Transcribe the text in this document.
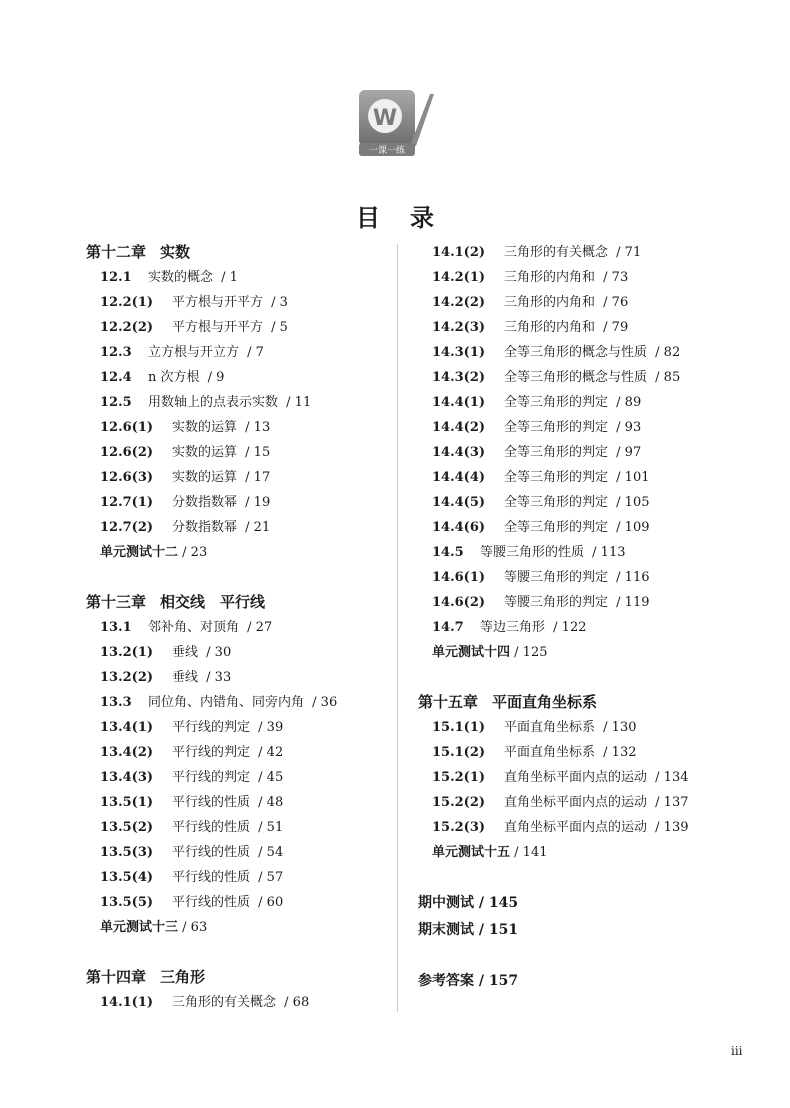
W
一课一练
目录
第十二章 实数
12.1 实数的概念 / 1
12.2(1) 平方根与开平方 / 3
12.2(2) 平方根与开平方 / 5
12.3 立方根与开立方 / 7
12.4 n 次方根 / 9
12.5 用数轴上的点表示实数 / 11
12.6(1) 实数的运算 / 13
12.6(2) 实数的运算 / 15
12.6(3) 实数的运算 / 17
12.7(1) 分数指数幂 / 19
12.7(2) 分数指数幂 / 21
单元测试十二 / 23
第十三章 相交线　平行线
13.1 邻补角、对顶角 / 27
13.2(1) 垂线 / 30
13.2(2) 垂线 / 33
13.3 同位角、内错角、同旁内角 / 36
13.4(1) 平行线的判定 / 39
13.4(2) 平行线的判定 / 42
13.4(3) 平行线的判定 / 45
13.5(1) 平行线的性质 / 48
13.5(2) 平行线的性质 / 51
13.5(3) 平行线的性质 / 54
13.5(4) 平行线的性质 / 57
13.5(5) 平行线的性质 / 60
单元测试十三 / 63
第十四章 三角形
14.1(1) 三角形的有关概念 / 68
14.1(2) 三角形的有关概念 / 71
14.2(1) 三角形的内角和 / 73
14.2(2) 三角形的内角和 / 76
14.2(3) 三角形的内角和 / 79
14.3(1) 全等三角形的概念与性质 / 82
14.3(2) 全等三角形的概念与性质 / 85
14.4(1) 全等三角形的判定 / 89
14.4(2) 全等三角形的判定 / 93
14.4(3) 全等三角形的判定 / 97
14.4(4) 全等三角形的判定 / 101
14.4(5) 全等三角形的判定 / 105
14.4(6) 全等三角形的判定 / 109
14.5 等腰三角形的性质 / 113
14.6(1) 等腰三角形的判定 / 116
14.6(2) 等腰三角形的判定 / 119
14.7 等边三角形 / 122
单元测试十四 / 125
第十五章 平面直角坐标系
15.1(1) 平面直角坐标系 / 130
15.1(2) 平面直角坐标系 / 132
15.2(1) 直角坐标平面内点的运动 / 134
15.2(2) 直角坐标平面内点的运动 / 137
15.2(3) 直角坐标平面内点的运动 / 139
单元测试十五 / 141
期中测试 / 145
期末测试 / 151
参考答案 / 157
iii
